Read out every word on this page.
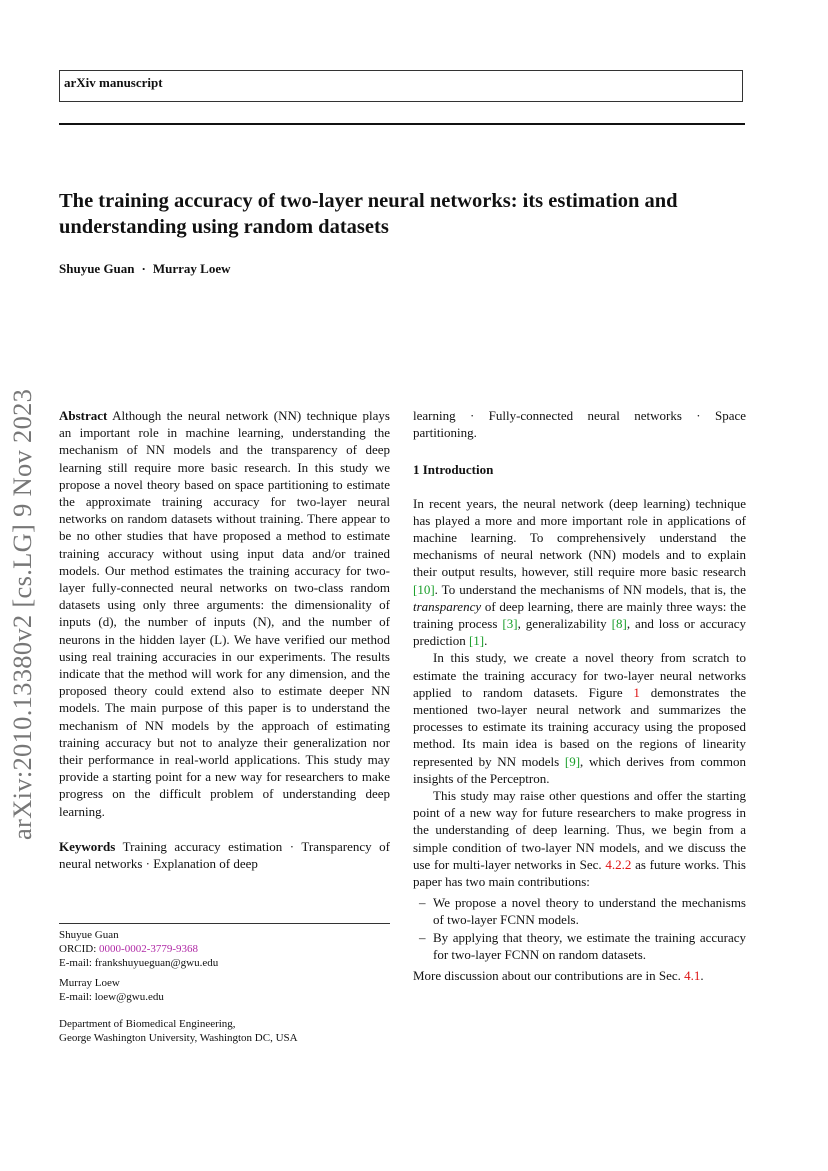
arXiv manuscript
arXiv:2010.13380v2 [cs.LG] 9 Nov 2023
The training accuracy of two-layer neural networks: its estimation and understanding using random datasets
Shuyue Guan · Murray Loew

Abstract Although the neural network (NN) technique plays an important role in machine learning, understanding the mechanism of NN models and the transparency of deep learning still require more basic research. In this study we propose a novel theory based on space partitioning to estimate the approximate training accuracy for two-layer neural networks on random datasets without training. There appear to be no other studies that have proposed a method to estimate training accuracy without using input data and/or trained models. Our method estimates the training accuracy for two-layer fully-connected neural networks on two-class random datasets using only three arguments: the dimensionality of inputs (d), the number of inputs (N), and the number of neurons in the hidden layer (L). We have verified our method using real training accuracies in our experiments. The results indicate that the method will work for any dimension, and the proposed theory could extend also to estimate deeper NN models. The main purpose of this paper is to understand the mechanism of NN models by the approach of estimating training accuracy but not to analyze their generalization nor their performance in real-world applications. This study may provide a starting point for a new way for researchers to make progress on the difficult problem of understanding deep learning.

Keywords Training accuracy estimation · Transparency of neural networks · Explanation of deep

Shuyue Guan
ORCID: 0000-0002-3779-9368
E-mail: frankshuyueguan@gwu.edu
Murray Loew
E-mail: loew@gwu.edu
Department of Biomedical Engineering,
George Washington University, Washington DC, USA

learning · Fully-connected neural networks · Space partitioning.

1 Introduction

In recent years, the neural network (deep learning) technique has played a more and more important role in applications of machine learning. To comprehensively understand the mechanisms of neural network (NN) models and to explain their output results, however, still require more basic research [10]. To understand the mechanisms of NN models, that is, the transparency of deep learning, there are mainly three ways: the training process [3], generalizability [8], and loss or accuracy prediction [1].

In this study, we create a novel theory from scratch to estimate the training accuracy for two-layer neural networks applied to random datasets. Figure 1 demonstrates the mentioned two-layer neural network and summarizes the processes to estimate its training accuracy using the proposed method. Its main idea is based on the regions of linearity represented by NN models [9], which derives from common insights of the Perceptron.

This study may raise other questions and offer the starting point of a new way for future researchers to make progress in the understanding of deep learning. Thus, we begin from a simple condition of two-layer NN models, and we discuss the use for multi-layer networks in Sec. 4.2.2 as future works. This paper has two main contributions:

– We propose a novel theory to understand the mechanisms of two-layer FCNN models.
– By applying that theory, we estimate the training accuracy for two-layer FCNN on random datasets.

More discussion about our contributions are in Sec. 4.1.
